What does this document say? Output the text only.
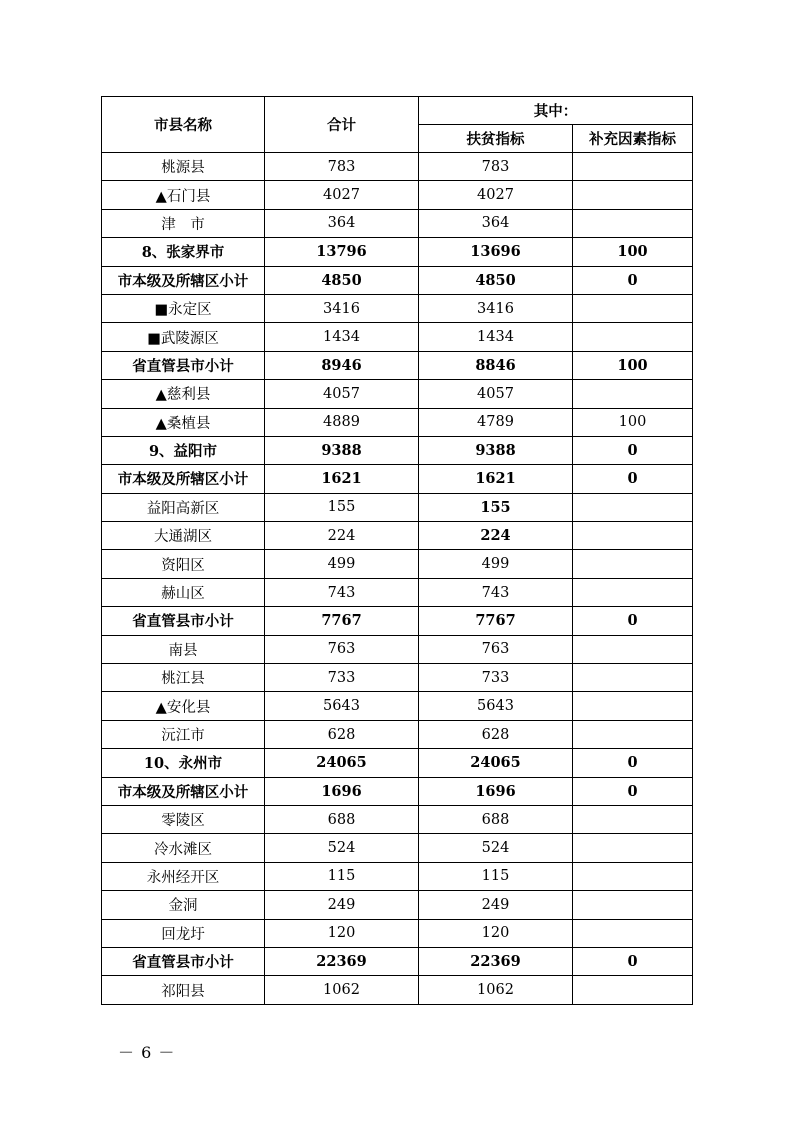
市县名称	合计	其中：	
		扶贫指标	补充因素指标
桃源县	783	783	
▲石门县	4027	4027	
津　市	364	364	
8、张家界市	13796	13696	100
市本级及所辖区小计	4850	4850	0
■永定区	3416	3416	
■武陵源区	1434	1434	
省直管县市小计	8946	8846	100
▲慈利县	4057	4057	
▲桑植县	4889	4789	100
9、益阳市	9388	9388	0
市本级及所辖区小计	1621	1621	0
益阳高新区	155	155	
大通湖区	224	224	
资阳区	499	499	
赫山区	743	743	
省直管县市小计	7767	7767	0
南县	763	763	
桃江县	733	733	
▲安化县	5643	5643	
沅江市	628	628	
10、永州市	24065	24065	0
市本级及所辖区小计	1696	1696	0
零陵区	688	688	
冷水滩区	524	524	
永州经开区	115	115	
金洞	249	249	
回龙圩	120	120	
省直管县市小计	22369	22369	0
祁阳县	1062	1062	
－ 6 －
